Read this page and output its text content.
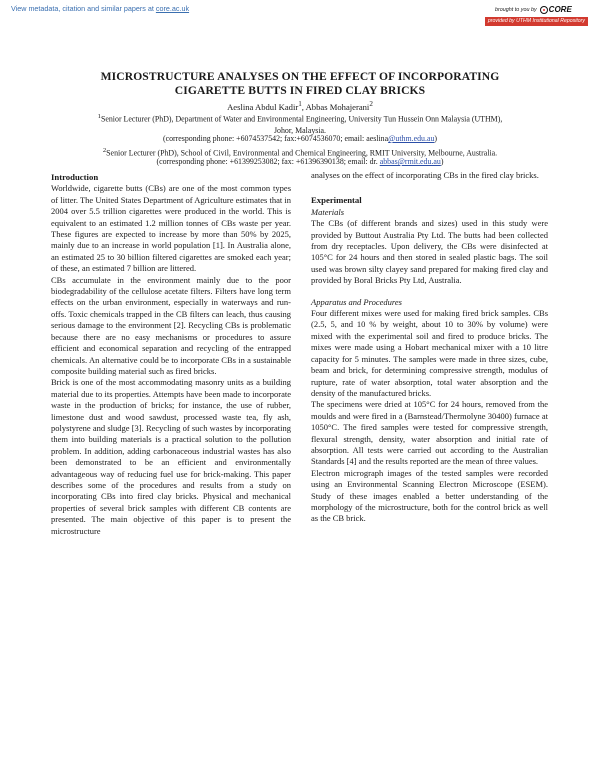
View metadata, citation and similar papers at core.ac.uk	brought to you by CORE
provided by UTHM Institutional Repository
MICROSTRUCTURE ANALYSES ON THE EFFECT OF INCORPORATING
CIGARETTE BUTTS IN FIRED CLAY BRICKS
Aeslina Abdul Kadir$^1$, Abbas Mohajerani$^2$
$^1$Senior Lecturer (PhD), Department of Water and Environmental Engineering, University Tun Hussein Onn Malaysia (UTHM),
Johor, Malaysia.
(corresponding phone: +6074537542; fax:+6074536070; email: aeslina@uthm.edu.au)
$^2$Senior Lecturer (PhD), School of Civil, Environmental and Chemical Engineering, RMIT University, Melbourne, Australia.
(corresponding phone: +61399253082; fax: +61396390138; email: dr. abbas@rmit.edu.au)

Introduction

Worldwide, cigarette butts (CBs) are one of the most common types of litter. The United States Department of Agriculture estimates that in 2004 over 5.5 trillion cigarettes were produced in the world. This is equivalent to an estimated 1.2 million tonnes of CBs waste per year. These figures are expected to increase by more than 50% by 2025, mainly due to an increase in world population [1]. In Australia alone, an estimated 25 to 30 billion filtered cigarettes are smoked each year; of these, an estimated 7 billion are littered.

CBs accumulate in the environment mainly due to the poor biodegradability of the cellulose acetate filters. Filters have long term effects on the urban environment, especially in waterways and run-offs. Toxic chemicals trapped in the CB filters can leach, thus causing serious damage to the environment [2]. Recycling CBs is problematic because there are no easy mechanisms or procedures to assure efficient and economical separation and recycling of the entrapped chemicals. An alternative could be to incorporate CBs in a sustainable composite building material such as fired bricks.

Brick is one of the most accommodating masonry units as a building material due to its properties. Attempts have been made to incorporate waste in the production of bricks; for instance, the use of rubber, limestone dust and wood sawdust, processed waste tea, fly ash, polystyrene and sludge [3]. Recycling of such wastes by incorporating them into building materials is a practical solution to the pollution problem. In addition, adding carbonaceous industrial wastes has also been demonstrated to be an efficient and environmentally advantageous way of reducing fuel use for brick-making. This paper describes some of the procedures and results from a study on incorporating CBs into fired clay bricks. Physical and mechanical properties of several brick samples with different CB contents are presented. The main objective of this paper is to present the microstructure

analyses on the effect of incorporating CBs in the fired clay bricks.

Experimental

Materials

The CBs (of different brands and sizes) used in this study were provided by Buttout Australia Pty Ltd. The butts had been collected from dry receptacles. Upon delivery, the CBs were disinfected at 105°C for 24 hours and then stored in sealed plastic bags. The soil used was brown silty clayey sand prepared for making fired clay and provided by Boral Bricks Pty Ltd, Australia.

Apparatus and Procedures

Four different mixes were used for making fired brick samples. CBs (2.5, 5, and 10 % by weight, about 10 to 30% by volume) were mixed with the experimental soil and fired to produce bricks. The mixes were made using a Hobart mechanical mixer with a 10 litre capacity for 5 minutes. The samples were made in three sizes, cube, beam and brick, for determining compressive strength, modulus of rupture, rate of water absorption, total water absorption and the density of the manufactured bricks.

The specimens were dried at 105°C for 24 hours, removed from the moulds and were fired in a (Barnstead/Thermolyne 30400) furnace at 1050°C. The fired samples were tested for compressive strength, flexural strength, density, water absorption and initial rate of absorption. All tests were carried out according to the Australian Standards [4] and the results reported are the mean of three values.

Electron micrograph images of the tested samples were recorded using an Environmental Scanning Electron Microscope (ESEM). Study of these images enabled a better understanding of the morphology of the microstructure, both for the control brick as well as the CB brick.
